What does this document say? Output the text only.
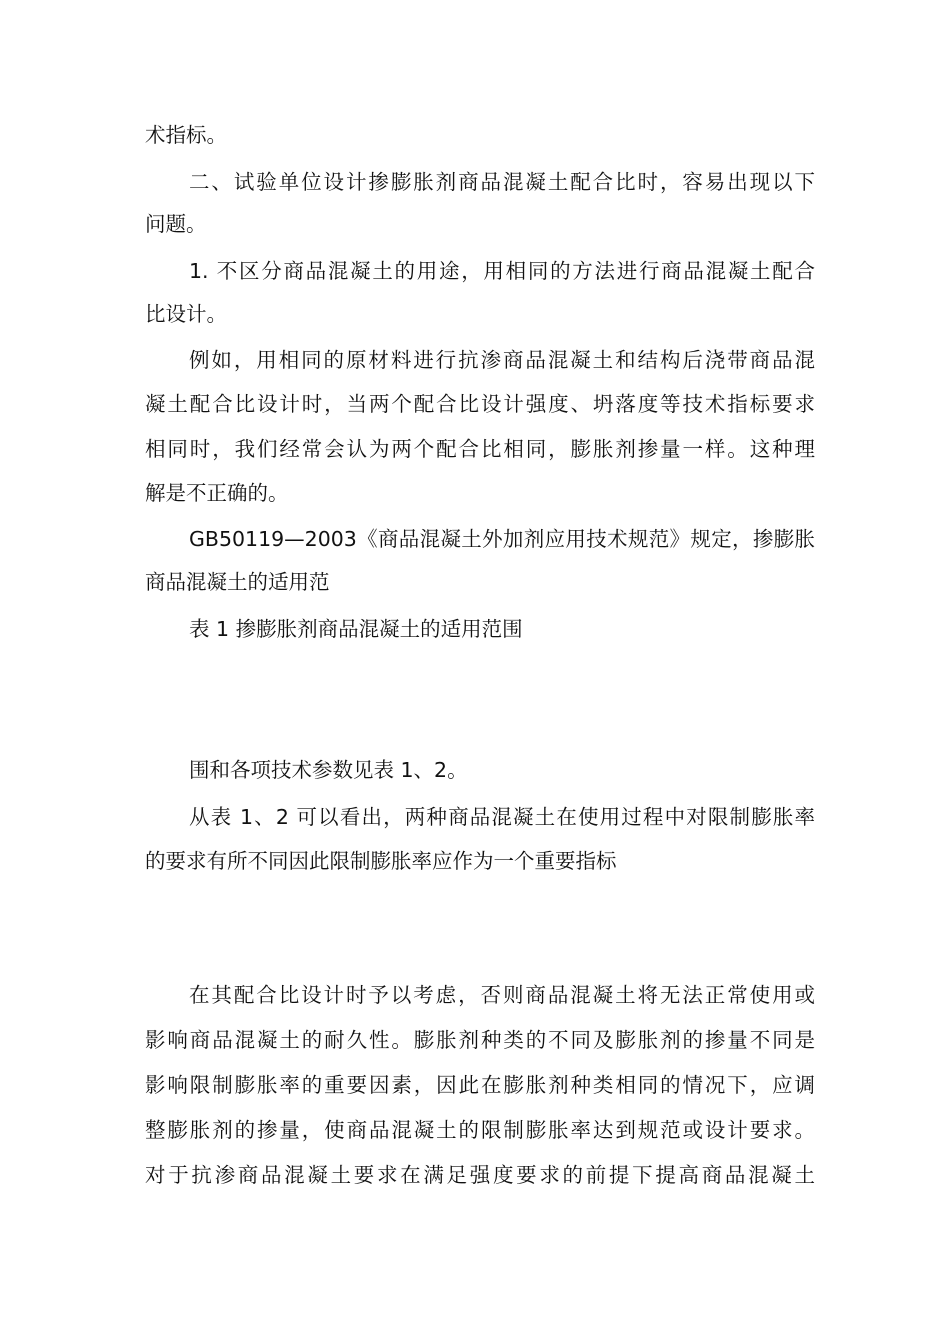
术指标。
二、试验单位设计掺膨胀剂商品混凝土配合比时，容易出现以下
问题。
1. 不区分商品混凝土的用途，用相同的方法进行商品混凝土配合
比设计。
例如，用相同的原材料进行抗渗商品混凝土和结构后浇带商品混
凝土配合比设计时，当两个配合比设计强度、坍落度等技术指标要求
相同时，我们经常会认为两个配合比相同，膨胀剂掺量一样。这种理
解是不正确的。
GB50119—2003《商品混凝土外加剂应用技术规范》规定，掺膨胀
商品混凝土的适用范
表 1 掺膨胀剂商品混凝土的适用范围
围和各项技术参数见表 1、2。
从表 1、2 可以看出，两种商品混凝土在使用过程中对限制膨胀率
的要求有所不同因此限制膨胀率应作为一个重要指标
在其配合比设计时予以考虑，否则商品混凝土将无法正常使用或
影响商品混凝土的耐久性。膨胀剂种类的不同及膨胀剂的掺量不同是
影响限制膨胀率的重要因素，因此在膨胀剂种类相同的情况下，应调
整膨胀剂的掺量，使商品混凝土的限制膨胀率达到规范或设计要求。
对于抗渗商品混凝土要求在满足强度要求的前提下提高商品混凝土
